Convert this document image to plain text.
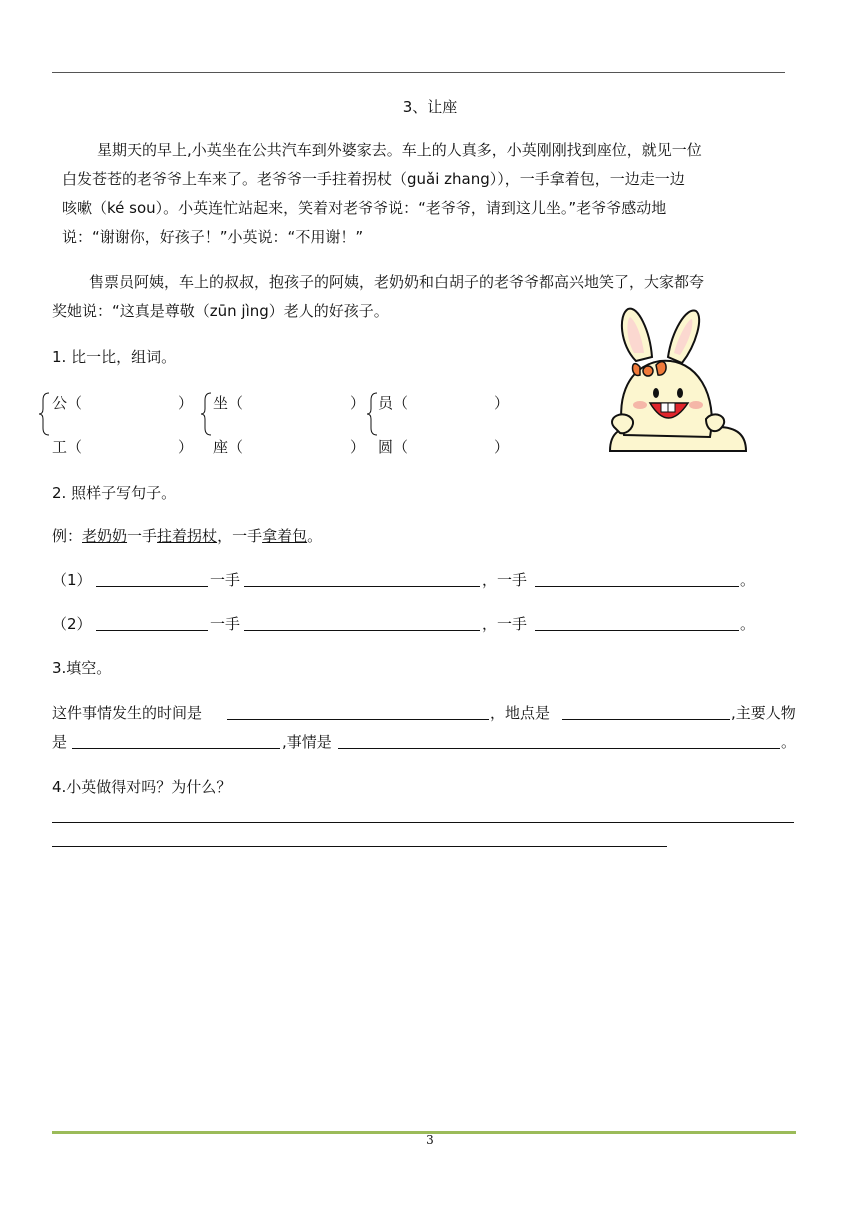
3、让座
星期天的早上,小英坐在公共汽车到外婆家去。车上的人真多，小英刚刚找到座位，就见一位
白发苍苍的老爷爷上车来了。老爷爷一手拄着拐杖（guǎi zhang）），一手拿着包，一边走一边
咳嗽（ké sou）。小英连忙站起来，笑着对老爷爷说：“老爷爷，请到这儿坐。”老爷爷感动地
说：“谢谢你，好孩子！”小英说：“不用谢！”
售票员阿姨，车上的叔叔，抱孩子的阿姨，老奶奶和白胡子的老爷爷都高兴地笑了，大家都夸
奖她说：“这真是尊敬（zūn jìng）老人的好孩子。
1. 比一比，组词。
公（	）
工（	）
坐（	）
座（	）
员（	）
圆（	）
2. 照样子写句子。
例：老奶奶一手拄着拐杖，一手拿着包。
（1）	一手	，一手	。
（2）	一手	，一手	。
3.填空。
这件事情发生的时间是	，地点是	,主要人物
是	,事情是	。
4.小英做得对吗？为什么？
3
